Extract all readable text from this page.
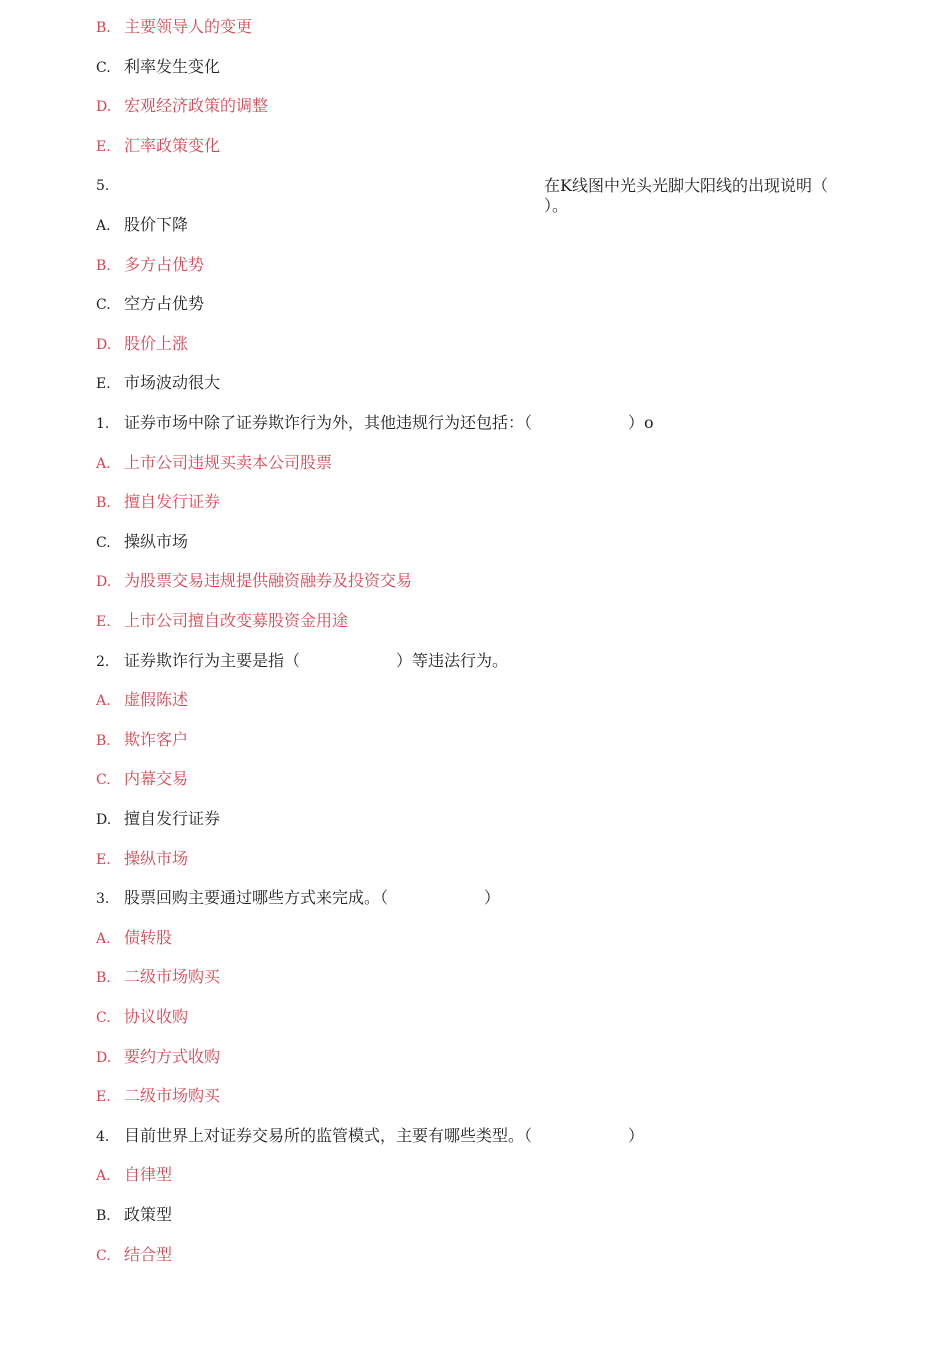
B. 主要领导人的变更
C. 利率发生变化
D. 宏观经济政策的调整
E. 汇率政策变化
5.
A. 股价下降
B. 多方占优势
C. 空方占优势
D. 股价上涨
E. 市场波动很大
1. 证券市场中除了证券欺诈行为外，其他违规行为还包括：（　　　　　　）o
A. 上市公司违规买卖本公司股票
B. 擅自发行证券
C. 操纵市场
D. 为股票交易违规提供融资融券及投资交易
E. 上市公司擅自改变募股资金用途
2. 证券欺诈行为主要是指（　　　　　　）等违法行为。
A. 虚假陈述
B. 欺诈客户
C. 内幕交易
D. 擅自发行证券
E. 操纵市场
3. 股票回购主要通过哪些方式来完成。（　　　　　　）
A. 债转股
B. 二级市场购买
C. 协议收购
D. 要约方式收购
E. 二级市场购买
4. 目前世界上对证券交易所的监管模式，主要有哪些类型。（　　　　　　）
A. 自律型
B. 政策型
C. 结合型
在K线图中光头光脚大阳线的出现说明（
）。
